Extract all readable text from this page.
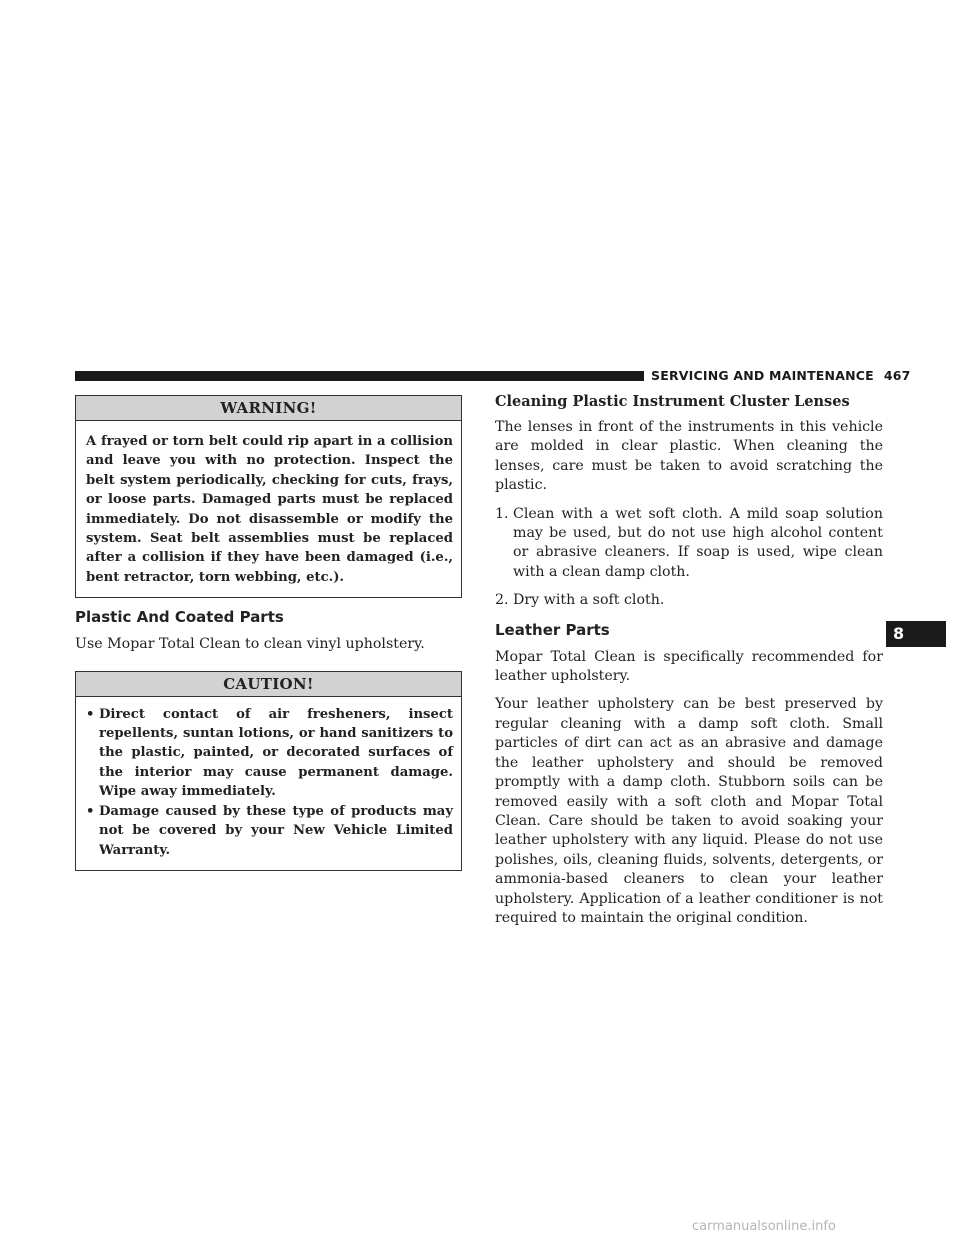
SERVICING AND MAINTENANCE 467
WARNING!
A frayed or torn belt could rip apart in a collision and leave you with no protection. Inspect the belt system periodically, checking for cuts, frays, or loose parts. Damaged parts must be replaced immediately. Do not disassemble or modify the system. Seat belt assemblies must be replaced after a collision if they have been damaged (i.e., bent retractor, torn webbing, etc.).
Plastic And Coated Parts

Use Mopar Total Clean to clean vinyl upholstery.

CAUTION!
• Direct contact of air fresheners, insect repellents, suntan lotions, or hand sanitizers to the plastic, painted, or decorated surfaces of the interior may cause permanent damage. Wipe away immediately.
• Damage caused by these type of products may not be covered by your New Vehicle Limited Warranty.
Cleaning Plastic Instrument Cluster Lenses

The lenses in front of the instruments in this vehicle are molded in clear plastic. When cleaning the lenses, care must be taken to avoid scratching the plastic.

1. Clean with a wet soft cloth. A mild soap solution may be used, but do not use high alcohol content or abrasive cleaners. If soap is used, wipe clean with a clean damp cloth.
2. Dry with a soft cloth.
Leather Parts

Mopar Total Clean is specifically recommended for leather upholstery.

Your leather upholstery can be best preserved by regular cleaning with a damp soft cloth. Small particles of dirt can act as an abrasive and damage the leather upholstery and should be removed promptly with a damp cloth. Stubborn soils can be removed easily with a soft cloth and Mopar Total Clean. Care should be taken to avoid soaking your leather upholstery with any liquid. Please do not use polishes, oils, cleaning fluids, solvents, detergents, or ammonia-based cleaners to clean your leather upholstery. Application of a leather conditioner is not required to maintain the original condition.

8
carmanualsonline.info
